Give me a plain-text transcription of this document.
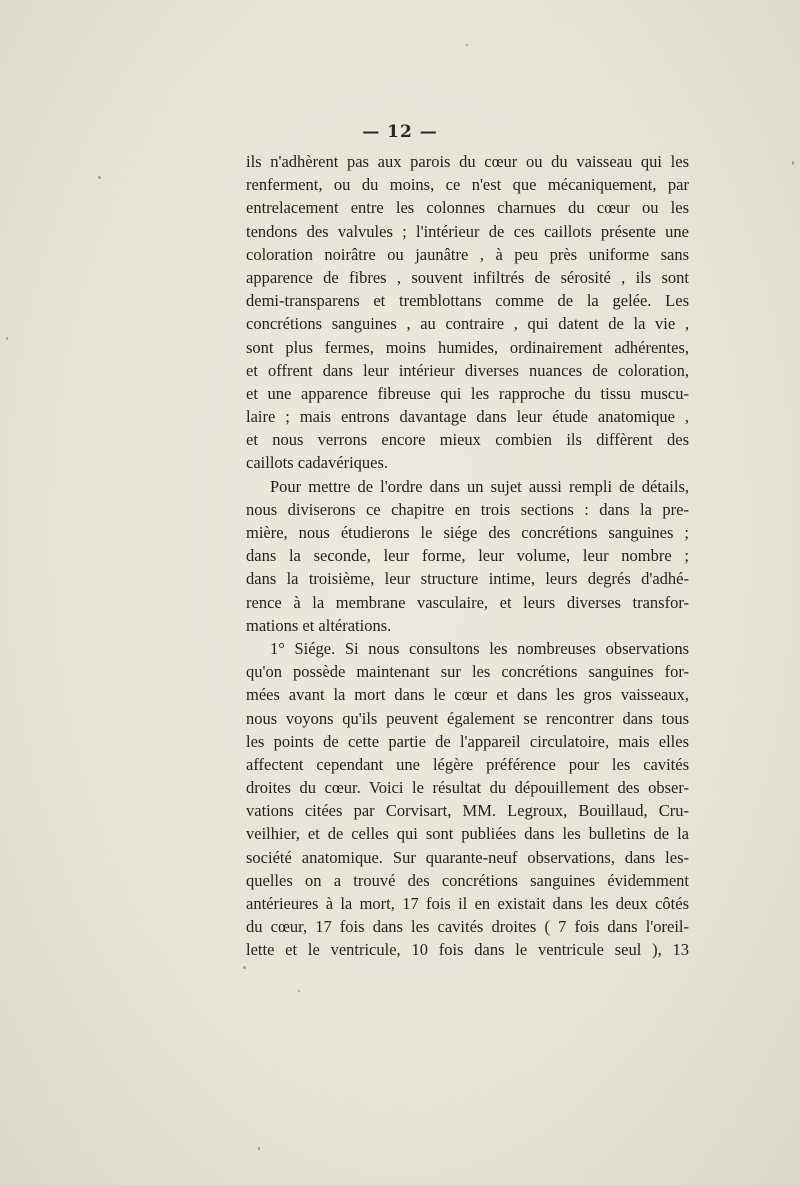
— 12 —
ils n'adhèrent pas aux parois du cœur ou du vaisseau qui les
renferment, ou du moins, ce n'est que mécaniquement, par
entrelacement entre les colonnes charnues du cœur ou les
tendons des valvules ; l'intérieur de ces caillots présente une
coloration noirâtre ou jaunâtre , à peu près uniforme sans
apparence de fibres , souvent infiltrés de sérosité , ils sont
demi-transparens et tremblottans comme de la gelée. Les
concrétions sanguines , au contraire , qui datent de la vie ,
sont plus fermes, moins humides, ordinairement adhérentes,
et offrent dans leur intérieur diverses nuances de coloration,
et une apparence fibreuse qui les rapproche du tissu muscu-
laire ; mais entrons davantage dans leur étude anatomique ,
et nous verrons encore mieux combien ils diffèrent des
caillots cadavériques.
Pour mettre de l'ordre dans un sujet aussi rempli de détails,
nous diviserons ce chapitre en trois sections : dans la pre-
mière, nous étudierons le siége des concrétions sanguines ;
dans la seconde, leur forme, leur volume, leur nombre ;
dans la troisième, leur structure intime, leurs degrés d'adhé-
rence à la membrane vasculaire, et leurs diverses transfor-
mations et altérations.
1° Siége. Si nous consultons les nombreuses observations
qu'on possède maintenant sur les concrétions sanguines for-
mées avant la mort dans le cœur et dans les gros vaisseaux,
nous voyons qu'ils peuvent également se rencontrer dans tous
les points de cette partie de l'appareil circulatoire, mais elles
affectent cependant une légère préférence pour les cavités
droites du cœur. Voici le résultat du dépouillement des obser-
vations citées par Corvisart, MM. Legroux, Bouillaud, Cru-
veilhier, et de celles qui sont publiées dans les bulletins de la
société anatomique. Sur quarante-neuf observations, dans les-
quelles on a trouvé des concrétions sanguines évidemment
antérieures à la mort, 17 fois il en existait dans les deux côtés
du cœur, 17 fois dans les cavités droites ( 7 fois dans l'oreil-
lette et le ventricule, 10 fois dans le ventricule seul ), 13
